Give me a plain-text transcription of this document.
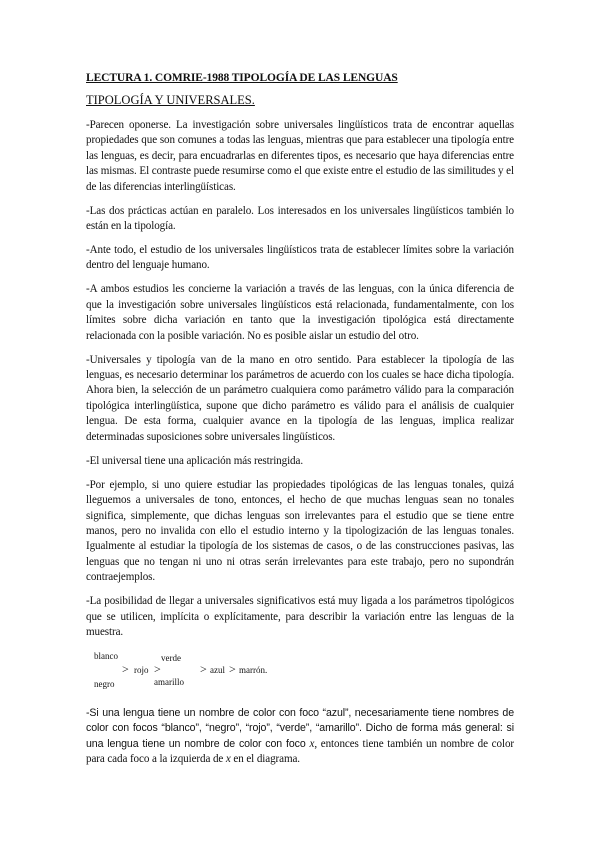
LECTURA 1. COMRIE-1988 TIPOLOGÍA DE LAS LENGUAS
TIPOLOGÍA Y UNIVERSALES.

-Parecen oponerse. La investigación sobre universales lingüísticos trata de encontrar aquellas propiedades que son comunes a todas las lenguas, mientras que para establecer una tipología entre las lenguas, es decir, para encuadrarlas en diferentes tipos, es necesario que haya diferencias entre las mismas. El contraste puede resumirse como el que existe entre el estudio de las similitudes y el de las diferencias interlingüísticas.

-Las dos prácticas actúan en paralelo. Los interesados en los universales lingüísticos también lo están en la tipología.

-Ante todo, el estudio de los universales lingüísticos trata de establecer límites sobre la variación dentro del lenguaje humano.

-A ambos estudios les concierne la variación a través de las lenguas, con la única diferencia de que la investigación sobre universales lingüísticos está relacionada, fundamentalmente, con los límites sobre dicha variación en tanto que la investigación tipológica está directamente relacionada con la posible variación. No es posible aislar un estudio del otro.

-Universales y tipología van de la mano en otro sentido. Para establecer la tipología de las lenguas, es necesario determinar los parámetros de acuerdo con los cuales se hace dicha tipología. Ahora bien, la selección de un parámetro cualquiera como parámetro válido para la comparación tipológica interlingüística, supone que dicho parámetro es válido para el análisis de cualquier lengua. De esta forma, cualquier avance en la tipología de las lenguas, implica realizar determinadas suposiciones sobre universales lingüísticos.

-El universal tiene una aplicación más restringida.

-Por ejemplo, si uno quiere estudiar las propiedades tipológicas de las lenguas tonales, quizá lleguemos a universales de tono, entonces, el hecho de que muchas lenguas sean no tonales significa, simplemente, que dichas lenguas son irrelevantes para el estudio que se tiene entre manos, pero no invalida con ello el estudio interno y la tipologización de las lenguas tonales. Igualmente al estudiar la tipología de los sistemas de casos, o de las construcciones pasivas, las lenguas que no tengan ni uno ni otras serán irrelevantes para este trabajo, pero no supondrán contraejemplos.

-La posibilidad de llegar a universales significativos está muy ligada a los parámetros tipológicos que se utilicen, implícita o explícitamente, para describir la variación entre las lenguas de la muestra.

blanco
negro
> rojo >
verde
amarillo
> azul > marrón.

-Si una lengua tiene un nombre de color con foco “azul”, necesariamente tiene nombres de color con focos “blanco”, “negro”, “rojo”, “verde”, “amarillo”. Dicho de forma más general: si una lengua tiene un nombre de color con foco x, entonces tiene también un nombre de color para cada foco a la izquierda de x en el diagrama.
